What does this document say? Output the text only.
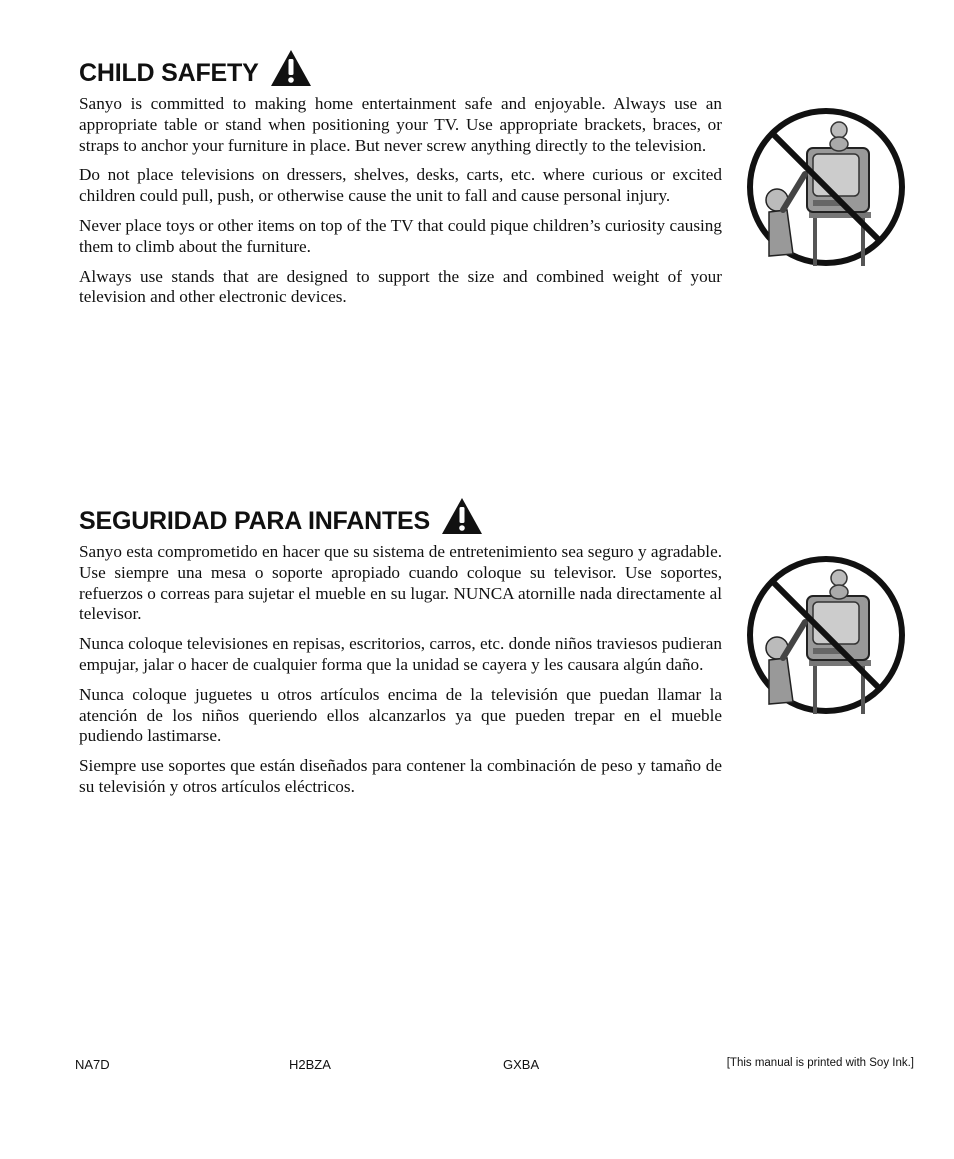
CHILD SAFETY

Sanyo is committed to making home entertainment safe and enjoyable. Always use an appropriate table or stand when positioning your TV. Use appropriate brackets, braces, or straps to anchor your furniture in place. But never screw anything directly to the television.

Do not place televisions on dressers, shelves, desks, carts, etc. where curious or excited children could pull, push, or otherwise cause the unit to fall and cause personal injury.

Never place toys or other items on top of the TV that could pique children’s curiosity causing them to climb about the furniture.

Always use stands that are designed to support the size and combined weight of your television and other electronic devices.

SEGURIDAD PARA INFANTES

Sanyo esta comprometido en hacer que su sistema de entretenimiento sea seguro y agradable. Use siempre una mesa o soporte apropiado cuando coloque su televisor. Use soportes, refuerzos o correas para sujetar el mueble en su lugar. NUNCA atornille nada directamente al televisor.

Nunca coloque televisiones en repisas, escritorios, carros, etc. donde niños traviesos pudieran empujar, jalar o hacer de cualquier forma que la unidad se cayera y les causara algún daño.

Nunca coloque juguetes u otros artículos encima de la televisión que puedan llamar la atención de los niños queriendo ellos alcanzarlos ya que pueden trepar en el mueble pudiendo lastimarse.

Siempre use soportes que están diseñados para contener la combinación de peso y tamaño de su televisión y otros artículos eléctricos.

NA7D	H2BZA	GXBA	[This manual is printed with Soy Ink.]
